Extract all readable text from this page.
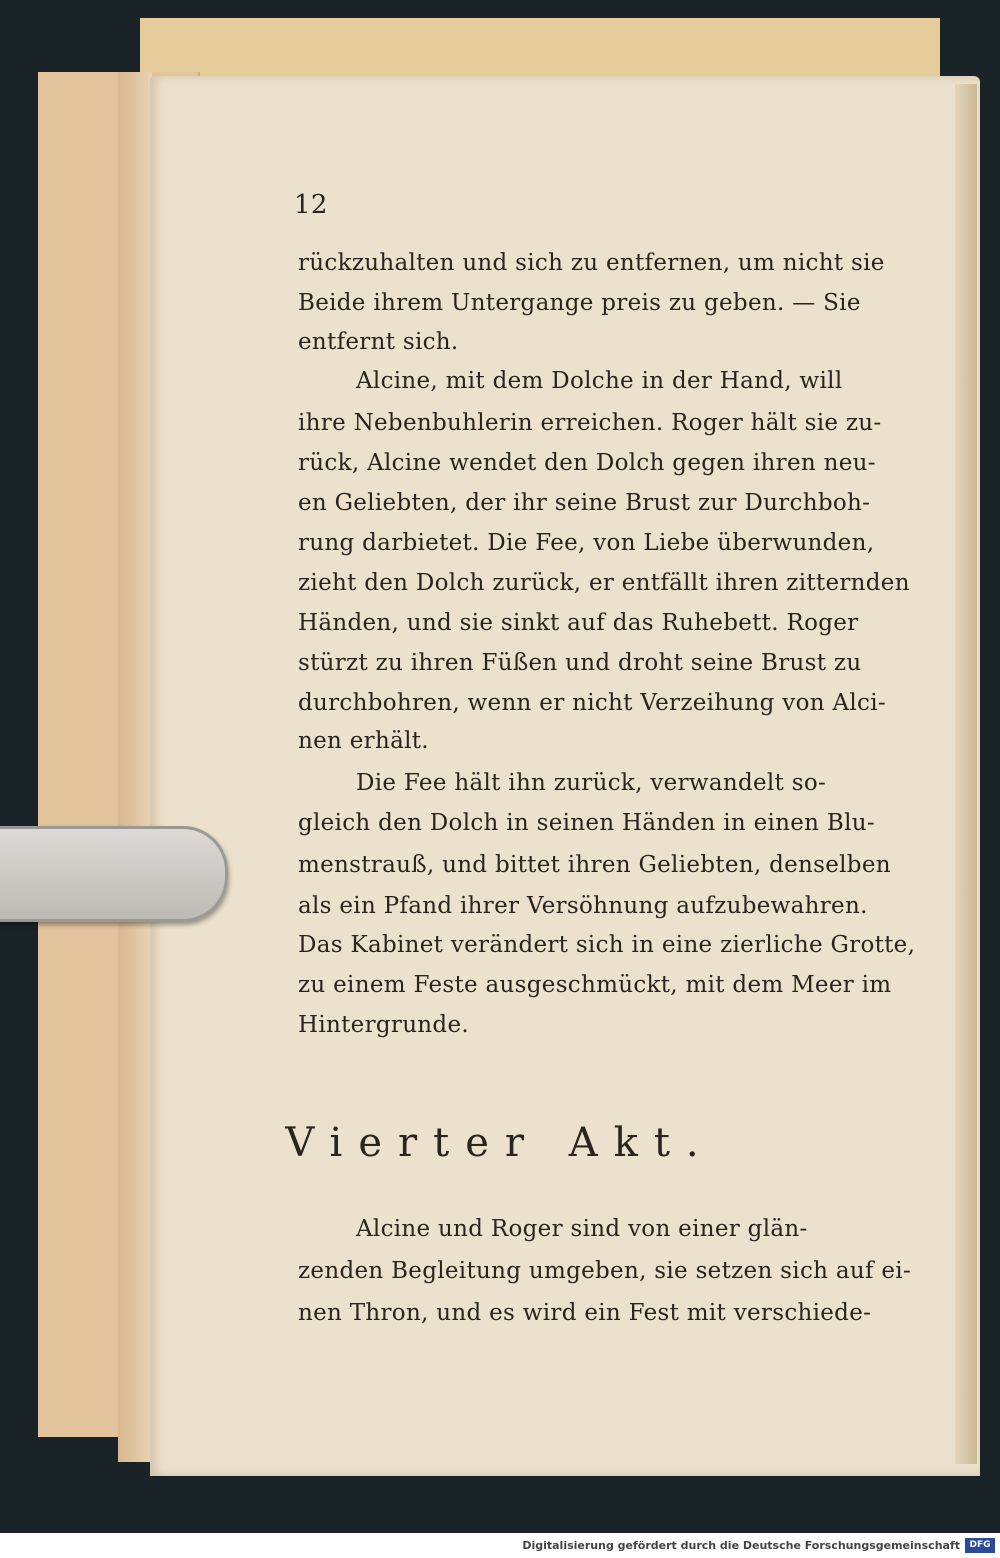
12
rückzuhalten und sich zu entfernen, um nicht sie
Beide ihrem Untergange preis zu geben. — Sie
entfernt sich.
Alcine, mit dem Dolche in der Hand, will
ihre Nebenbuhlerin erreichen. Roger hält sie zu-
rück, Alcine wendet den Dolch gegen ihren neu-
en Geliebten, der ihr seine Brust zur Durchboh-
rung darbietet. Die Fee, von Liebe überwunden,
zieht den Dolch zurück, er entfällt ihren zitternden
Händen, und sie sinkt auf das Ruhebett. Roger
stürzt zu ihren Füßen und droht seine Brust zu
durchbohren, wenn er nicht Verzeihung von Alci-
nen erhält.
Die Fee hält ihn zurück, verwandelt so-
gleich den Dolch in seinen Händen in einen Blu-
menstrauß, und bittet ihren Geliebten, denselben
als ein Pfand ihrer Versöhnung aufzubewahren.
Das Kabinet verändert sich in eine zierliche Grotte,
zu einem Feste ausgeschmückt, mit dem Meer im
Hintergrunde.
Vierter Akt.
Alcine und Roger sind von einer glän-
zenden Begleitung umgeben, sie setzen sich auf ei-
nen Thron, und es wird ein Fest mit verschiede-
Digitalisierung gefördert durch die Deutsche Forschungsgemeinschaft	DFG
